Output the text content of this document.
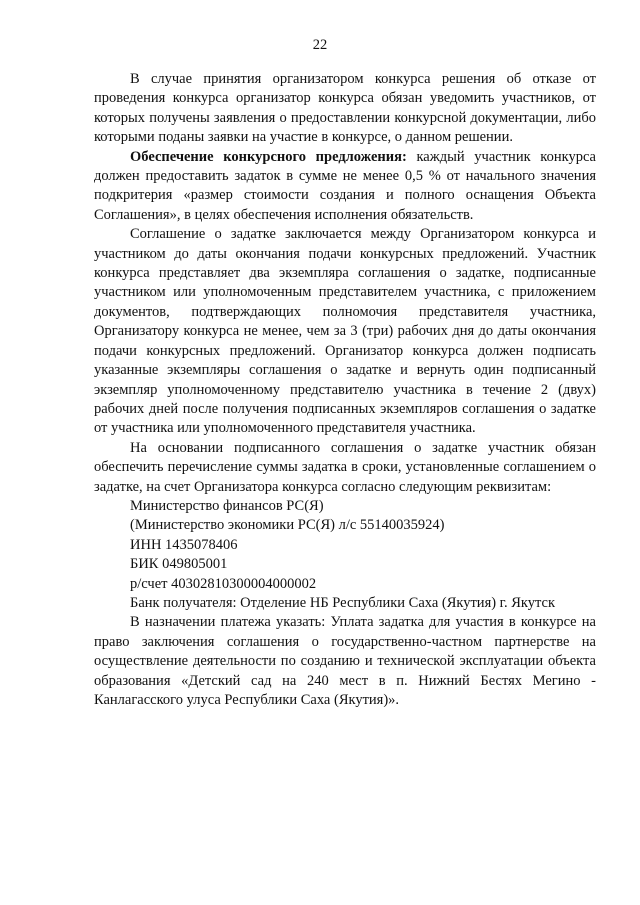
22

В случае принятия организатором конкурса решения об отказе от проведения конкурса организатор конкурса обязан уведомить участников, от которых получены заявления о предоставлении конкурсной документации, либо которыми поданы заявки на участие в конкурсе, о данном решении.

Обеспечение конкурсного предложения: каждый участник конкурса должен предоставить задаток в сумме не менее 0,5 % от начального значения подкритерия «размер стоимости создания и полного оснащения Объекта Соглашения», в целях обеспечения исполнения обязательств.

Соглашение о задатке заключается между Организатором конкурса и участником до даты окончания подачи конкурсных предложений. Участник конкурса представляет два экземпляра соглашения о задатке, подписанные участником или уполномоченным представителем участника, с приложением документов, подтверждающих полномочия представителя участника, Организатору конкурса не менее, чем за 3 (три) рабочих дня до даты окончания подачи конкурсных предложений. Организатор конкурса должен подписать указанные экземпляры соглашения о задатке и вернуть один подписанный экземпляр уполномоченному представителю участника в течение 2 (двух) рабочих дней после получения подписанных экземпляров соглашения о задатке от участника или уполномоченного представителя участника.

На основании подписанного соглашения о задатке участник обязан обеспечить перечисление суммы задатка в сроки, установленные соглашением о задатке, на счет Организатора конкурса согласно следующим реквизитам:

Министерство финансов РС(Я)

(Министерство экономики РС(Я) л/с 55140035924)

ИНН 1435078406

БИК 049805001

р/счет 40302810300004000002

Банк получателя: Отделение НБ Республики Саха (Якутия) г. Якутск

В назначении платежа указать: Уплата задатка для участия в конкурсе на право заключения соглашения о государственно-частном партнерстве на осуществление деятельности по созданию и технической эксплуатации объекта образования «Детский сад на 240 мест в п. Нижний Бестях Мегино - Канлагасского улуса Республики Саха (Якутия)».
